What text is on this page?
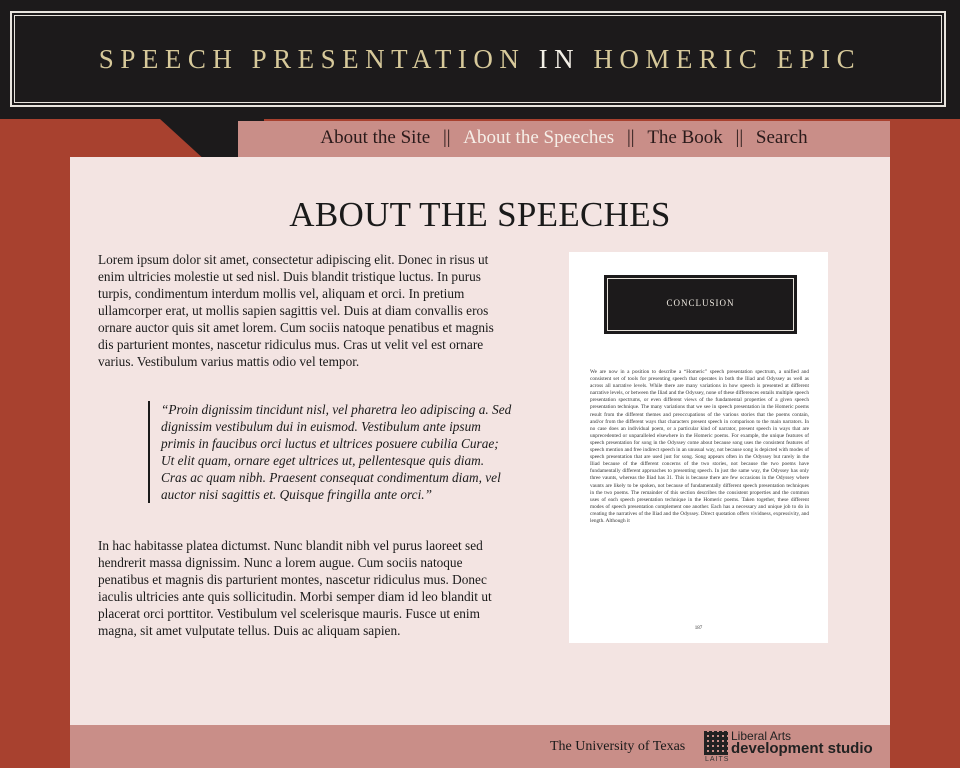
SPEECH PRESENTATION IN HOMERIC EPIC
About the Site || About the Speeches || The Book || Search
ABOUT THE SPEECHES

Lorem ipsum dolor sit amet, consectetur adipiscing elit. Donec in risus ut enim ultricies molestie ut sed nisl. Duis blandit tristique luctus. In purus turpis, condimentum interdum mollis vel, aliquam et orci. In pretium ullamcorper erat, ut mollis sapien sagittis vel. Duis at diam convallis eros ornare auctor quis sit amet lorem. Cum sociis natoque penatibus et magnis dis parturient montes, nascetur ridiculus mus. Cras ut velit vel est ornare varius. Vestibulum varius mattis odio vel tempor.

“Proin dignissim tincidunt nisl, vel pharetra leo adipiscing a. Sed dignissim vestibulum dui in euismod. Vestibulum ante ipsum primis in faucibus orci luctus et ultrices posuere cubilia Curae; Ut elit quam, ornare eget ultrices ut, pellentesque quis diam. Cras ac quam nibh. Praesent consequat condimentum diam, vel auctor nisi sagittis et. Quisque fringilla ante orci.”

In hac habitasse platea dictumst. Nunc blandit nibh vel purus laoreet sed hendrerit massa dignissim. Nunc a lorem augue. Cum sociis natoque penatibus et magnis dis parturient montes, nascetur ridiculus mus. Donec iaculis ultricies ante quis sollicitudin. Morbi semper diam id leo blandit ut placerat orci porttitor. Vestibulum vel scelerisque mauris. Fusce ut enim magna, sit amet vulputate tellus. Duis ac aliquam sapien.

CONCLUSION
We are now in a position to describe a “Homeric” speech presentation spectrum, a unified and consistent set of tools for presenting speech that operates in both the Iliad and Odyssey as well as across all narrative levels. While there are many variations in how speech is presented at different narrative levels, or between the Iliad and the Odyssey, none of these differences entails multiple speech presentation spectrums, or even different views of the fundamental properties of a given speech presentation technique. The many variations that we see in speech presentation in the Homeric poems result from the different themes and preoccupations of the various stories that the poems contain, and/or from the different ways that characters present speech in comparison to the main narrators. In no case does an individual poem, or a particular kind of narrator, present speech in ways that are unprecedented or unparalleled elsewhere in the Homeric poems. For example, the unique features of speech presentation for song in the Odyssey come about because song uses the consistent features of speech mention and free indirect speech in an unusual way, not because song is depicted with modes of speech presentation that are used just for song. Song appears often in the Odyssey but rarely in the Iliad because of the different concerns of the two stories, not because the two poems have fundamentally different approaches to presenting speech. In just the same way, the Odyssey has only three vaunts, whereas the Iliad has 31. This is because there are few occasions in the Odyssey where vaunts are likely to be spoken, not because of fundamentally different speech presentation techniques in the two poems. The remainder of this section describes the consistent properties and the common uses of each speech presentation technique in the Homeric poems. Taken together, these different modes of speech presentation complement one another. Each has a necessary and unique job to do in creating the narratives of the Iliad and the Odyssey. Direct quotation offers vividness, expressivity, and length. Although it
187
The University of Texas
LAITS
Liberal Arts
development studio
